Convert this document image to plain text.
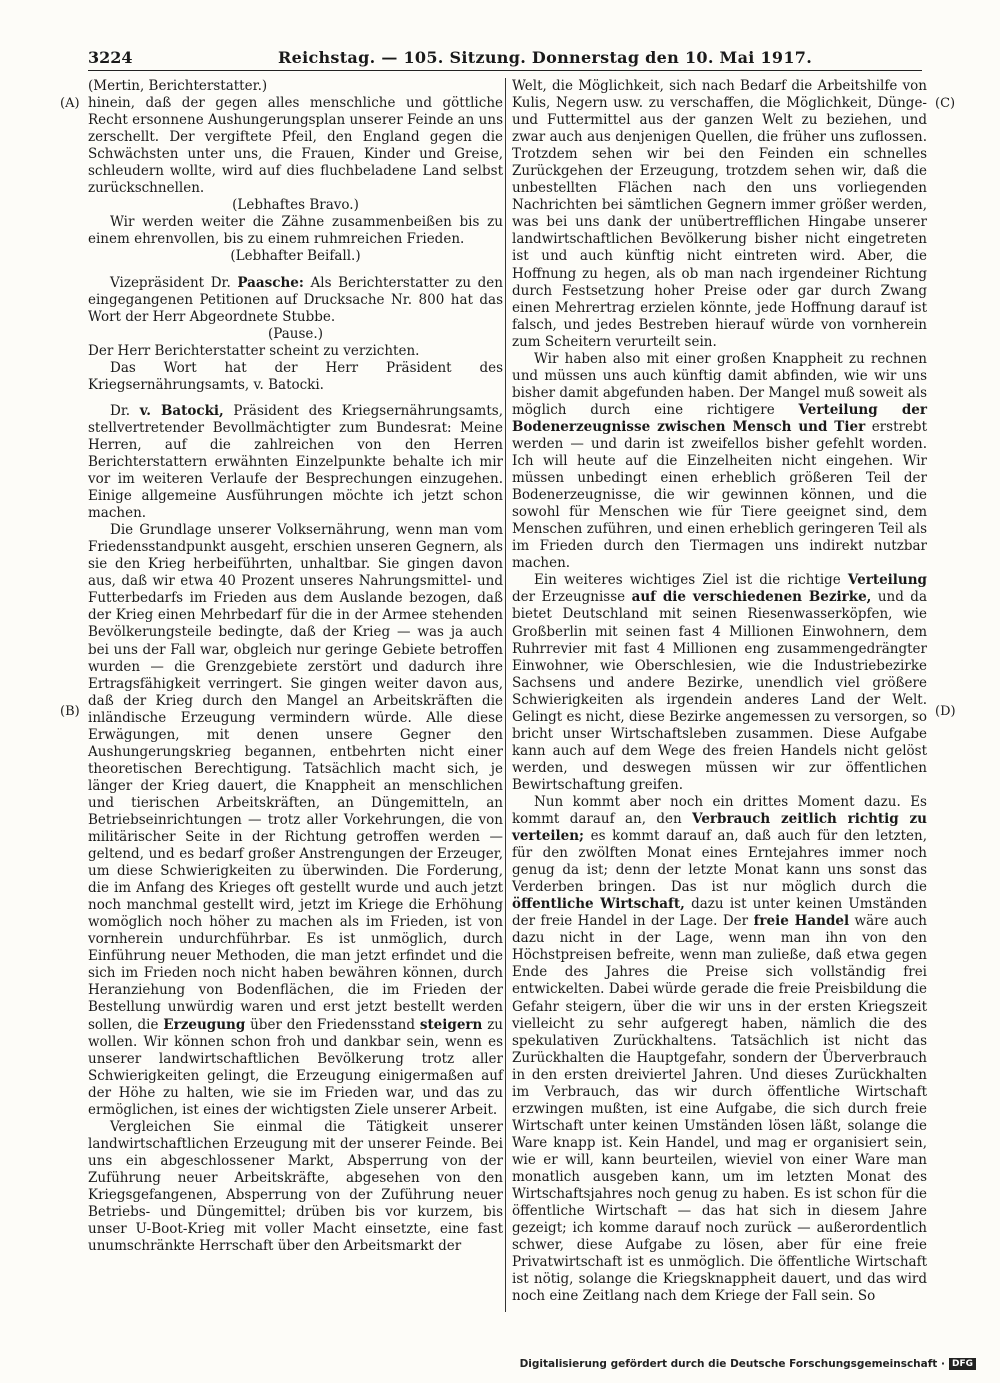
3224	Reichstag. — 105. Sitzung. Donnerstag den 10. Mai 1917.
(A)
(B)
(C)
(D)

(Mertin, Berichterstatter.)

hinein, daß der gegen alles menschliche und göttliche Recht ersonnene Aushungerungsplan unserer Feinde an uns zerschellt. Der vergiftete Pfeil, den England gegen die Schwächsten unter uns, die Frauen, Kinder und Greise, schleudern wollte, wird auf dies fluchbeladene Land selbst zurückschnellen.

(Lebhaftes Bravo.)

Wir werden weiter die Zähne zusammenbeißen bis zu einem ehrenvollen, bis zu einem ruhmreichen Frieden.

(Lebhafter Beifall.)

Vizepräsident Dr. Paasche: Als Berichterstatter zu den eingegangenen Petitionen auf Drucksache Nr. 800 hat das Wort der Herr Abgeordnete Stubbe.

(Pause.)

Der Herr Berichterstatter scheint zu verzichten.

Das Wort hat der Herr Präsident des Kriegsernährungsamts, v. Batocki.

Dr. v. Batocki, Präsident des Kriegsernährungsamts, stellvertretender Bevollmächtigter zum Bundesrat: Meine Herren, auf die zahlreichen von den Herren Berichterstattern erwähnten Einzelpunkte behalte ich mir vor im weiteren Verlaufe der Besprechungen einzugehen. Einige allgemeine Ausführungen möchte ich jetzt schon machen.

Die Grundlage unserer Volksernährung, wenn man vom Friedensstandpunkt ausgeht, erschien unseren Gegnern, als sie den Krieg herbeiführten, unhaltbar. Sie gingen davon aus, daß wir etwa 40 Prozent unseres Nahrungsmittel- und Futterbedarfs im Frieden aus dem Auslande bezogen, daß der Krieg einen Mehrbedarf für die in der Armee stehenden Bevölkerungsteile bedingte, daß der Krieg — was ja auch bei uns der Fall war, obgleich nur geringe Gebiete betroffen wurden — die Grenzgebiete zerstört und dadurch ihre Ertragsfähigkeit verringert. Sie gingen weiter davon aus, daß der Krieg durch den Mangel an Arbeitskräften die inländische Erzeugung vermindern würde. Alle diese Erwägungen, mit denen unsere Gegner den Aushungerungskrieg begannen, entbehrten nicht einer theoretischen Berechtigung. Tatsächlich macht sich, je länger der Krieg dauert, die Knappheit an menschlichen und tierischen Arbeitskräften, an Düngemitteln, an Betriebseinrichtungen — trotz aller Vorkehrungen, die von militärischer Seite in der Richtung getroffen werden — geltend, und es bedarf großer Anstrengungen der Erzeuger, um diese Schwierigkeiten zu überwinden. Die Forderung, die im Anfang des Krieges oft gestellt wurde und auch jetzt noch manchmal gestellt wird, jetzt im Kriege die Erhöhung womöglich noch höher zu machen als im Frieden, ist von vornherein undurchführbar. Es ist unmöglich, durch Einführung neuer Methoden, die man jetzt erfindet und die sich im Frieden noch nicht haben bewähren können, durch Heranziehung von Bodenflächen, die im Frieden der Bestellung unwürdig waren und erst jetzt bestellt werden sollen, die Erzeugung über den Friedensstand steigern zu wollen. Wir können schon froh und dankbar sein, wenn es unserer landwirtschaftlichen Bevölkerung trotz aller Schwierigkeiten gelingt, die Erzeugung einigermaßen auf der Höhe zu halten, wie sie im Frieden war, und das zu ermöglichen, ist eines der wichtigsten Ziele unserer Arbeit.

Vergleichen Sie einmal die Tätigkeit unserer landwirtschaftlichen Erzeugung mit der unserer Feinde. Bei uns ein abgeschlossener Markt, Absperrung von der Zuführung neuer Arbeitskräfte, abgesehen von den Kriegsgefangenen, Absperrung von der Zuführung neuer Betriebs- und Düngemittel; drüben bis vor kurzem, bis unser U-Boot-Krieg mit voller Macht einsetzte, eine fast unumschränkte Herrschaft über den Arbeitsmarkt der

Welt, die Möglichkeit, sich nach Bedarf die Arbeitshilfe von Kulis, Negern usw. zu verschaffen, die Möglichkeit, Dünge- und Futtermittel aus der ganzen Welt zu beziehen, und zwar auch aus denjenigen Quellen, die früher uns zuflossen. Trotzdem sehen wir bei den Feinden ein schnelles Zurückgehen der Erzeugung, trotzdem sehen wir, daß die unbestellten Flächen nach den uns vorliegenden Nachrichten bei sämtlichen Gegnern immer größer werden, was bei uns dank der unübertrefflichen Hingabe unserer landwirtschaftlichen Bevölkerung bisher nicht eingetreten ist und auch künftig nicht eintreten wird. Aber, die Hoffnung zu hegen, als ob man nach irgendeiner Richtung durch Festsetzung hoher Preise oder gar durch Zwang einen Mehrertrag erzielen könnte, jede Hoffnung darauf ist falsch, und jedes Bestreben hierauf würde von vornherein zum Scheitern verurteilt sein.

Wir haben also mit einer großen Knappheit zu rechnen und müssen uns auch künftig damit abfinden, wie wir uns bisher damit abgefunden haben. Der Mangel muß soweit als möglich durch eine richtigere Verteilung der Bodenerzeugnisse zwischen Mensch und Tier erstrebt werden — und darin ist zweifellos bisher gefehlt worden. Ich will heute auf die Einzelheiten nicht eingehen. Wir müssen unbedingt einen erheblich größeren Teil der Bodenerzeugnisse, die wir gewinnen können, und die sowohl für Menschen wie für Tiere geeignet sind, dem Menschen zuführen, und einen erheblich geringeren Teil als im Frieden durch den Tiermagen uns indirekt nutzbar machen.

Ein weiteres wichtiges Ziel ist die richtige Verteilung der Erzeugnisse auf die verschiedenen Bezirke, und da bietet Deutschland mit seinen Riesenwasserköpfen, wie Großberlin mit seinen fast 4 Millionen Einwohnern, dem Ruhrrevier mit fast 4 Millionen eng zusammengedrängter Einwohner, wie Oberschlesien, wie die Industriebezirke Sachsens und andere Bezirke, unendlich viel größere Schwierigkeiten als irgendein anderes Land der Welt. Gelingt es nicht, diese Bezirke angemessen zu versorgen, so bricht unser Wirtschaftsleben zusammen. Diese Aufgabe kann auch auf dem Wege des freien Handels nicht gelöst werden, und deswegen müssen wir zur öffentlichen Bewirtschaftung greifen.

Nun kommt aber noch ein drittes Moment dazu. Es kommt darauf an, den Verbrauch zeitlich richtig zu verteilen; es kommt darauf an, daß auch für den letzten, für den zwölften Monat eines Erntejahres immer noch genug da ist; denn der letzte Monat kann uns sonst das Verderben bringen. Das ist nur möglich durch die öffentliche Wirtschaft, dazu ist unter keinen Umständen der freie Handel in der Lage. Der freie Handel wäre auch dazu nicht in der Lage, wenn man ihn von den Höchstpreisen befreite, wenn man zuließe, daß etwa gegen Ende des Jahres die Preise sich vollständig frei entwickelten. Dabei würde gerade die freie Preisbildung die Gefahr steigern, über die wir uns in der ersten Kriegszeit vielleicht zu sehr aufgeregt haben, nämlich die des spekulativen Zurückhaltens. Tatsächlich ist nicht das Zurückhalten die Hauptgefahr, sondern der Überverbrauch in den ersten dreiviertel Jahren. Und dieses Zurückhalten im Verbrauch, das wir durch öffentliche Wirtschaft erzwingen mußten, ist eine Aufgabe, die sich durch freie Wirtschaft unter keinen Umständen lösen läßt, solange die Ware knapp ist. Kein Handel, und mag er organisiert sein, wie er will, kann beurteilen, wieviel von einer Ware man monatlich ausgeben kann, um im letzten Monat des Wirtschaftsjahres noch genug zu haben. Es ist schon für die öffentliche Wirtschaft — das hat sich in diesem Jahre gezeigt; ich komme darauf noch zurück — außerordentlich schwer, diese Aufgabe zu lösen, aber für eine freie Privatwirtschaft ist es unmöglich. Die öffentliche Wirtschaft ist nötig, solange die Kriegsknappheit dauert, und das wird noch eine Zeitlang nach dem Kriege der Fall sein. So

Digitalisierung gefördert durch die Deutsche Forschungsgemeinschaft · DFG
